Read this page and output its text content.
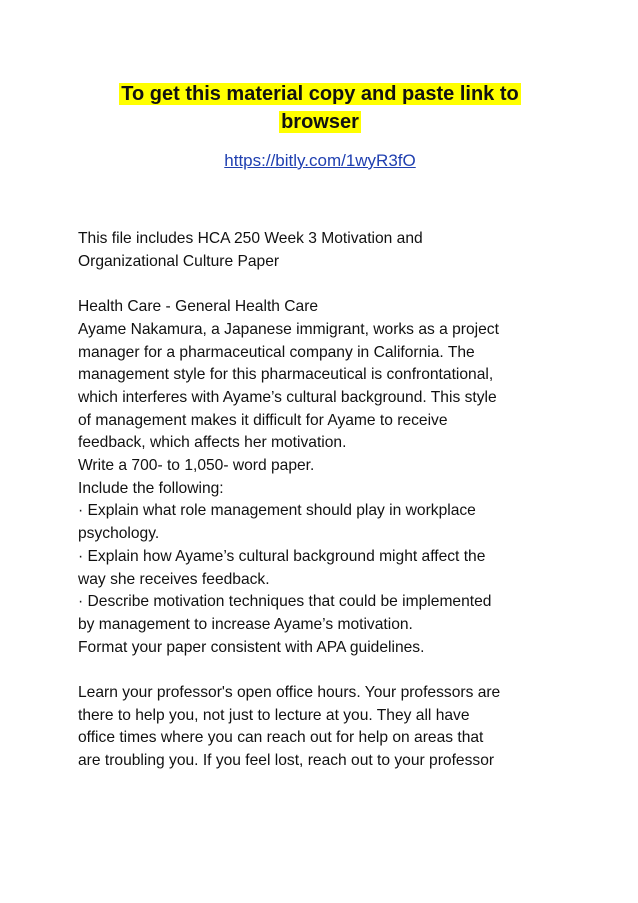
To get this material copy and paste link to
browser

https://bitly.com/1wyR3fO
This file includes HCA 250 Week 3 Motivation and
Organizational Culture Paper
Health Care - General Health Care
Ayame Nakamura, a Japanese immigrant, works as a project
manager for a pharmaceutical company in California. The
management style for this pharmaceutical is confrontational,
which interferes with Ayame’s cultural background. This style
of management makes it difficult for Ayame to receive
feedback, which affects her motivation.
Write a 700- to 1,050- word paper.
Include the following:
· Explain what role management should play in workplace
psychology.
· Explain how Ayame’s cultural background might affect the
way she receives feedback.
· Describe motivation techniques that could be implemented
by management to increase Ayame’s motivation.
Format your paper consistent with APA guidelines.
Learn your professor's open office hours. Your professors are
there to help you, not just to lecture at you. They all have
office times where you can reach out for help on areas that
are troubling you. If you feel lost, reach out to your professor
